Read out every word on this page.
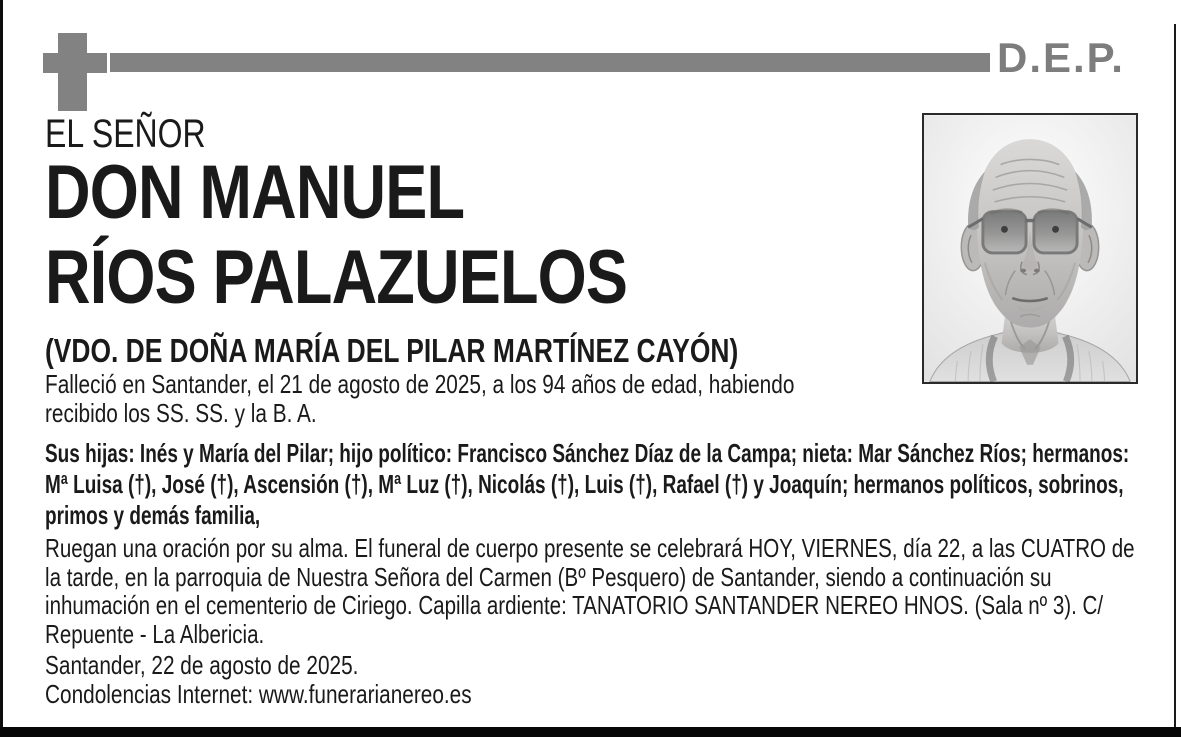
D.E.P.
EL SEÑOR
DON MANUEL
RÍOS PALAZUELOS
(VDO. DE DOÑA MARÍA DEL PILAR MARTÍNEZ CAYÓN)
Falleció en Santander, el 21 de agosto de 2025, a los 94 años de edad, habiendo recibido los SS. SS. y la B. A.
Sus hijas: Inés y María del Pilar; hijo político: Francisco Sánchez Díaz de la Campa; nieta: Mar Sánchez Ríos; hermanos: Mª Luisa (†), José (†), Ascensión (†), Mª Luz (†), Nicolás (†), Luis (†), Rafael (†) y Joaquín; hermanos políticos, sobrinos, primos y demás familia,
Ruegan una oración por su alma. El funeral de cuerpo presente se celebrará HOY, VIERNES, día 22, a las CUATRO de la tarde, en la parroquia de Nuestra Señora del Carmen (Bº Pesquero) de Santander, siendo a continuación su inhumación en el cementerio de Ciriego. Capilla ardiente: TANATORIO SANTANDER NEREO HNOS. (Sala nº 3). C/ Repuente - La Albericia.
Santander, 22 de agosto de 2025.
Condolencias Internet: www.funerarianereo.es
